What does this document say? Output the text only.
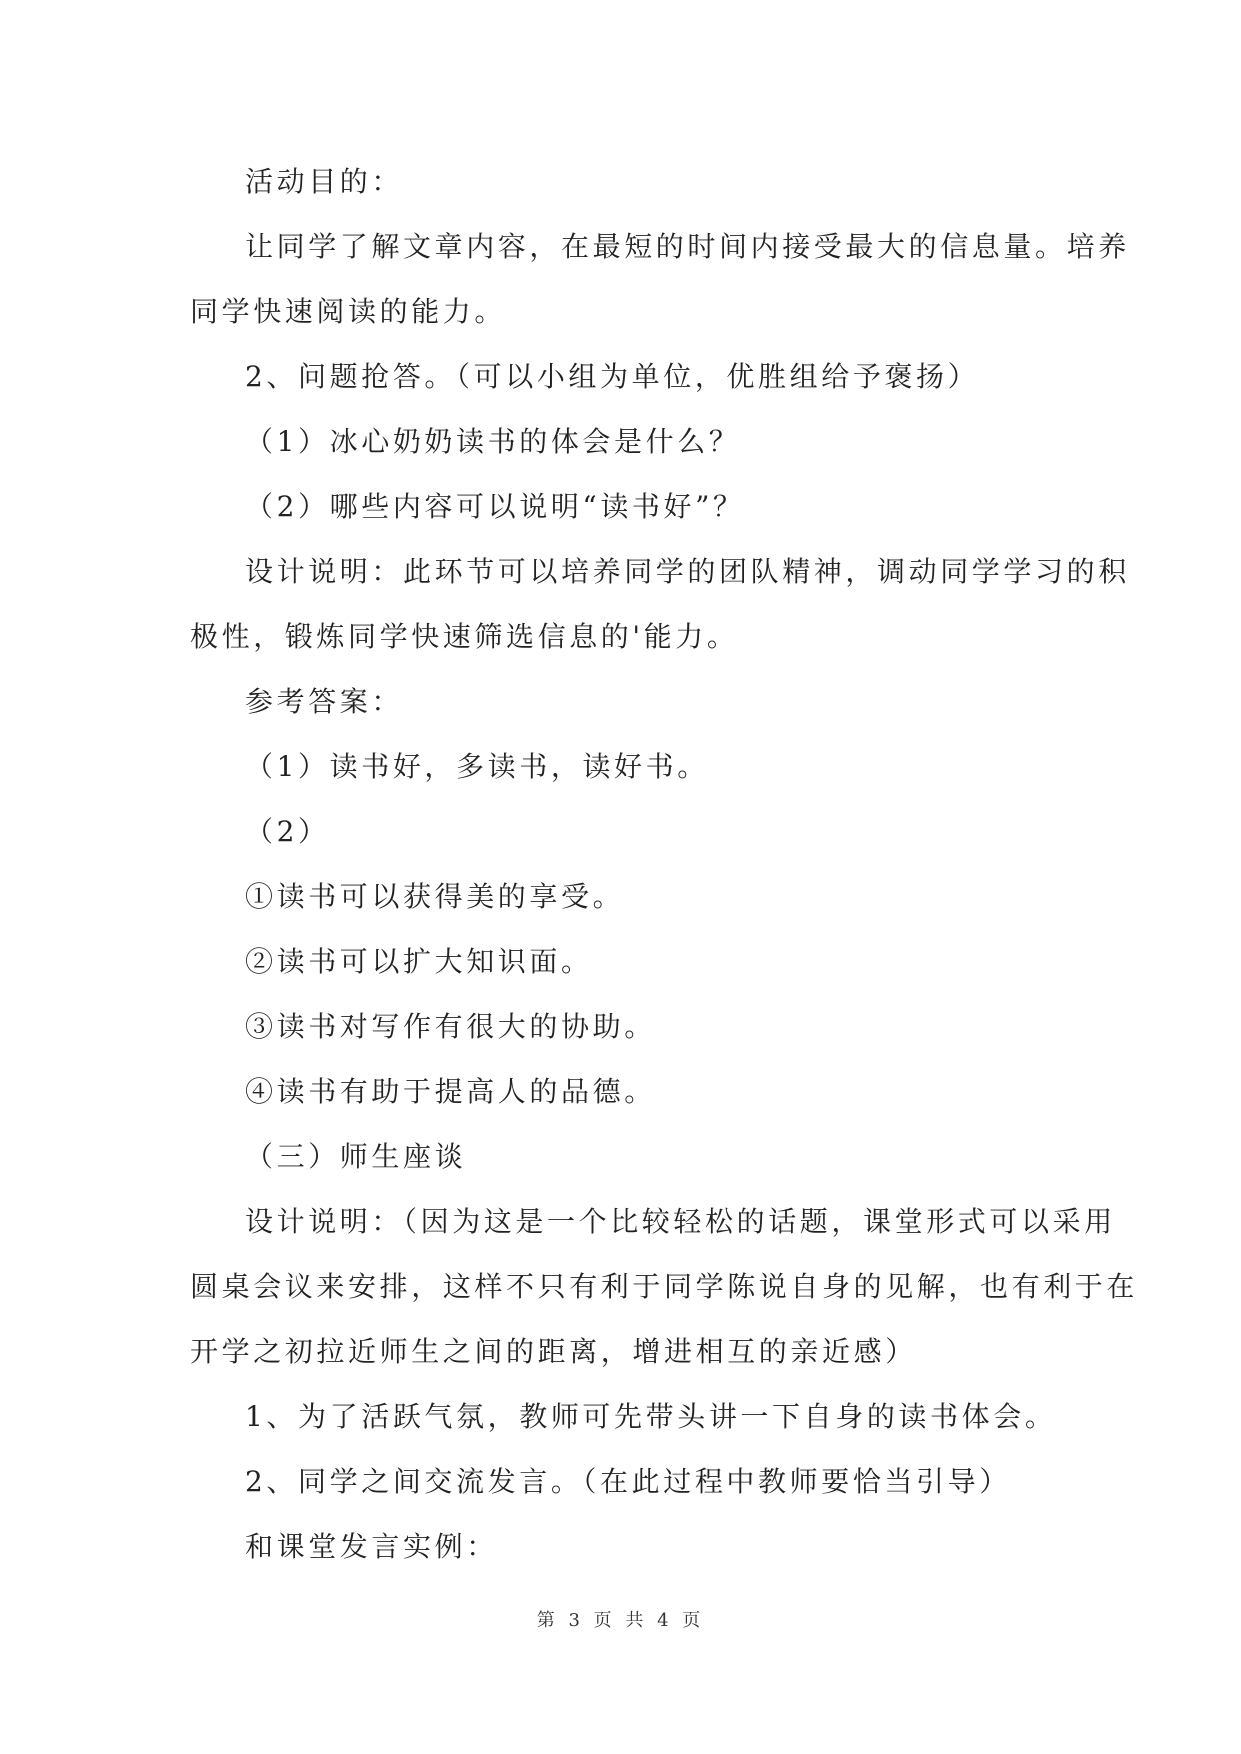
活动目的：
让同学了解文章内容，在最短的时间内接受最大的信息量。培养
同学快速阅读的能力。
2、问题抢答。（可以小组为单位，优胜组给予褒扬）
（1）冰心奶奶读书的体会是什么？
（2）哪些内容可以说明“读书好”？
设计说明：此环节可以培养同学的团队精神，调动同学学习的积
极性，锻炼同学快速筛选信息的'能力。
参考答案：
（1）读书好，多读书，读好书。
（2）
①读书可以获得美的享受。
②读书可以扩大知识面。
③读书对写作有很大的协助。
④读书有助于提高人的品德。
（三）师生座谈
设计说明：（因为这是一个比较轻松的话题，课堂形式可以采用
圆桌会议来安排，这样不只有利于同学陈说自身的见解，也有利于在
开学之初拉近师生之间的距离，增进相互的亲近感）
1、为了活跃气氛，教师可先带头讲一下自身的读书体会。
2、同学之间交流发言。（在此过程中教师要恰当引导）
和课堂发言实例：
第 3 页 共 4 页
